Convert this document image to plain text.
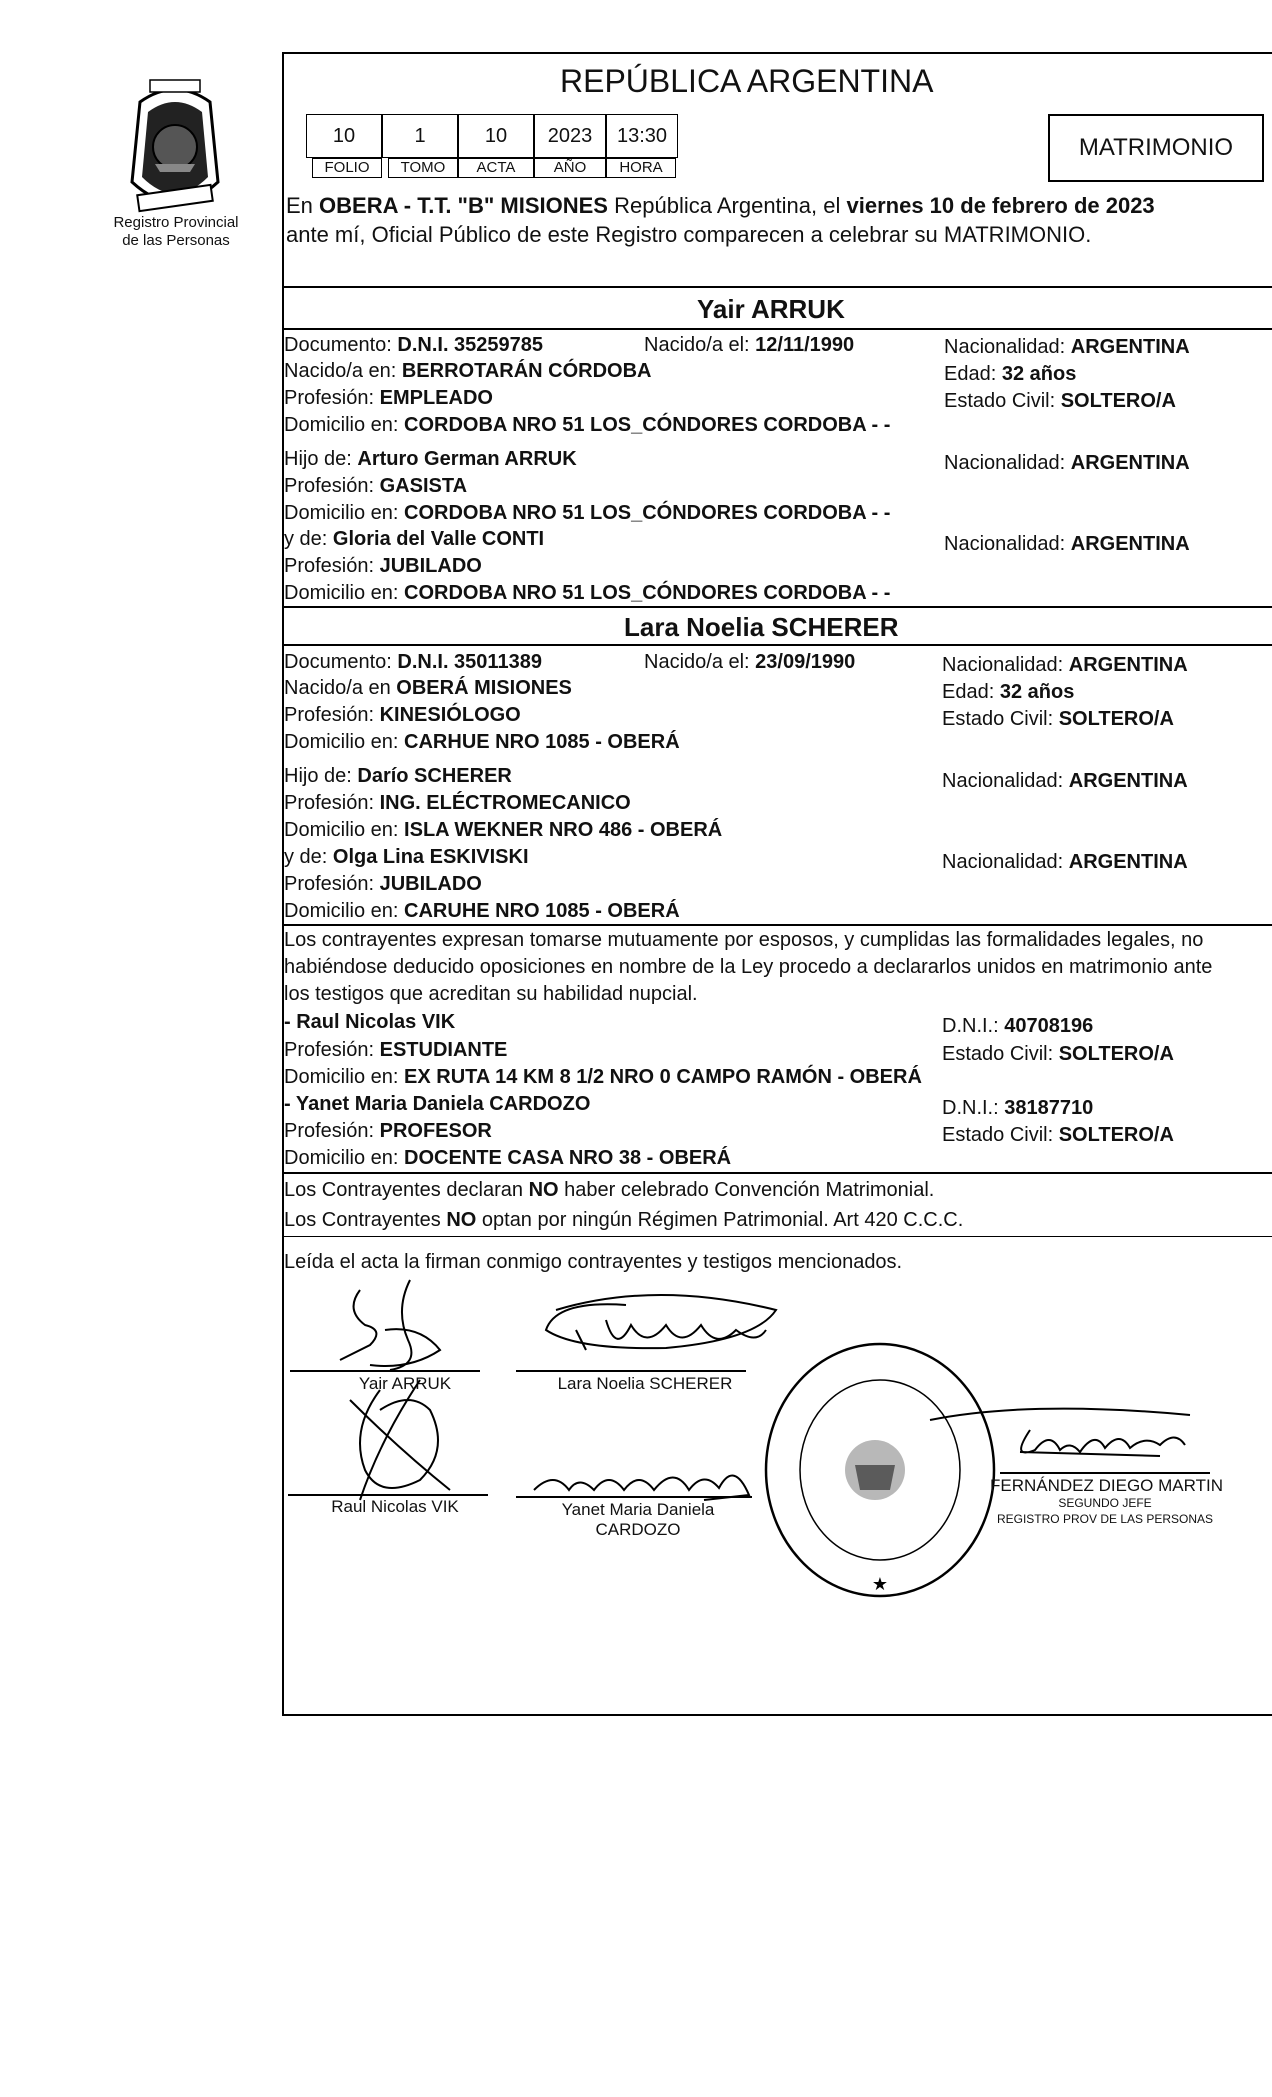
Registro Provincial
de las Personas
REPÚBLICA ARGENTINA
10	1	10	2023	13:30
FOLIO	TOMO	ACTA	AÑO	HORA
MATRIMONIO
En OBERA - T.T. "B" MISIONES República Argentina, el viernes 10 de febrero de 2023
ante mí, Oficial Público de este Registro comparecen a celebrar su MATRIMONIO.
Yair ARRUK
Documento: D.N.I. 35259785	Nacido/a el: 12/11/1990	Nacionalidad: ARGENTINA
Nacido/a en: BERROTARÁN CÓRDOBA	Edad: 32 años
Profesión: EMPLEADO	Estado Civil: SOLTERO/A
Domicilio en: CORDOBA NRO 51 LOS_CÓNDORES CORDOBA - -
Hijo de: Arturo German ARRUK	Nacionalidad: ARGENTINA
Profesión: GASISTA
Domicilio en: CORDOBA NRO 51 LOS_CÓNDORES CORDOBA - -
y de: Gloria del Valle CONTI	Nacionalidad: ARGENTINA
Profesión: JUBILADO
Domicilio en: CORDOBA NRO 51 LOS_CÓNDORES CORDOBA - -
Lara Noelia SCHERER
Documento: D.N.I. 35011389	Nacido/a el: 23/09/1990	Nacionalidad: ARGENTINA
Nacido/a en OBERÁ MISIONES	Edad: 32 años
Profesión: KINESIÓLOGO	Estado Civil: SOLTERO/A
Domicilio en: CARHUE NRO 1085 - OBERÁ
Hijo de: Darío SCHERER	Nacionalidad: ARGENTINA
Profesión: ING. ELÉCTROMECANICO
Domicilio en: ISLA WEKNER NRO 486 - OBERÁ
y de: Olga Lina ESKIVISKI	Nacionalidad: ARGENTINA
Profesión: JUBILADO
Domicilio en: CARUHE NRO 1085 - OBERÁ
Los contrayentes expresan tomarse mutuamente por esposos, y cumplidas las formalidades legales, no
habiéndose deducido oposiciones en nombre de la Ley procedo a declararlos unidos en matrimonio ante
los testigos que acreditan su habilidad nupcial.
- Raul Nicolas VIK	D.N.I.: 40708196
Profesión: ESTUDIANTE	Estado Civil: SOLTERO/A
Domicilio en: EX RUTA 14 KM 8 1/2 NRO 0 CAMPO RAMÓN - OBERÁ
- Yanet Maria Daniela CARDOZO	D.N.I.: 38187710
Profesión: PROFESOR	Estado Civil: SOLTERO/A
Domicilio en: DOCENTE CASA NRO 38 - OBERÁ
Los Contrayentes declaran NO haber celebrado Convención Matrimonial.
Los Contrayentes NO optan por ningún Régimen Patrimonial. Art 420 C.C.C.
Leída el acta la firman conmigo contrayentes y testigos mencionados.
Yair ARRUK	Lara Noelia SCHERER
Raul Nicolas VIK	Yanet Maria Daniela
CARDOZO
★
FERNÁNDEZ DIEGO MARTIN
SEGUNDO JEFE
REGISTRO PROV DE LAS PERSONAS
